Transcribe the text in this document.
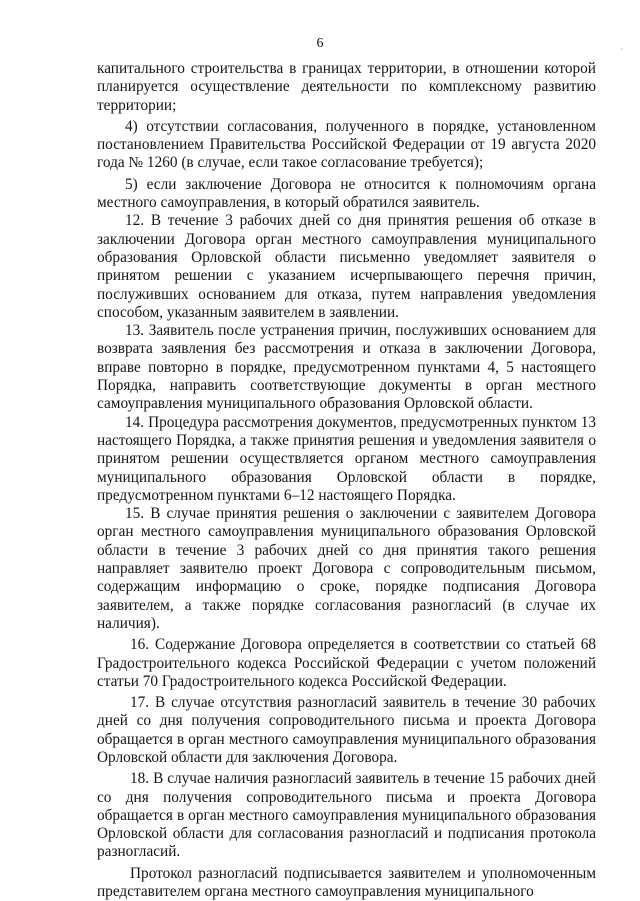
6	·

капитального строительства в границах территории, в отношении которой планируется осуществление деятельности по комплексному развитию территории;

4) отсутствии согласования, полученного в порядке, установленном постановлением Правительства Российской Федерации от 19 августа 2020 года № 1260 (в случае, если такое согласование требуется);

5) если заключение Договора не относится к полномочиям органа местного самоуправления, в который обратился заявитель.

12. В течение 3 рабочих дней со дня принятия решения об отказе в заключении Договора орган местного самоуправления муниципального образования Орловской области письменно уведомляет заявителя о принятом решении с указанием исчерпывающего перечня причин, послуживших основанием для отказа, путем направления уведомления способом, указанным заявителем в заявлении.

13. Заявитель после устранения причин, послуживших основанием для возврата заявления без рассмотрения и отказа в заключении Договора, вправе повторно в порядке, предусмотренном пунктами 4, 5 настоящего Порядка, направить соответствующие документы в орган местного самоуправления муниципального образования Орловской области.

14. Процедура рассмотрения документов, предусмотренных пунктом 13 настоящего Порядка, а также принятия решения и уведомления заявителя о принятом решении осуществляется органом местного самоуправления муниципального образования Орловской области в порядке, предусмотренном пунктами 6–12 настоящего Порядка.

15. В случае принятия решения о заключении с заявителем Договора орган местного самоуправления муниципального образования Орловской области в течение 3 рабочих дней со дня принятия такого решения направляет заявителю проект Договора с сопроводительным письмом, содержащим информацию о сроке, порядке подписания Договора заявителем, а также порядке согласования разногласий (в случае их наличия).

16. Содержание Договора определяется в соответствии со статьей 68 Градостроительного кодекса Российской Федерации с учетом положений статьи 70 Градостроительного кодекса Российской Федерации.

17. В случае отсутствия разногласий заявитель в течение 30 рабочих дней со дня получения сопроводительного письма и проекта Договора обращается в орган местного самоуправления муниципального образования Орловской области для заключения Договора.

18. В случае наличия разногласий заявитель в течение 15 рабочих дней со дня получения сопроводительного письма и проекта Договора обращается в орган местного самоуправления муниципального образования Орловской области для согласования разногласий и подписания протокола разногласий.

Протокол разногласий подписывается заявителем и уполномоченным представителем органа местного самоуправления муниципального
